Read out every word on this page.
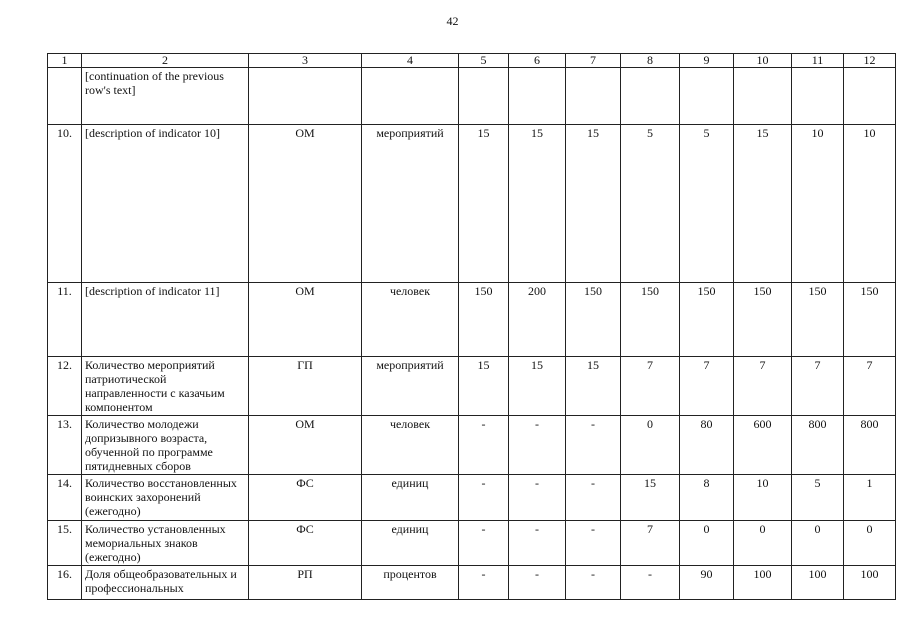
42
1	2	3	4	5	6	7	8	9	10	11	12
	[continuation of the previous row's text]										
10.	[description of indicator 10]	ОМ	мероприятий	15	15	15	5	5	15	10	10
11.	[description of indicator 11]	ОМ	человек	150	200	150	150	150	150	150	150
12.	Количество мероприятий патриотической направленности с казачьим компонентом	ГП	мероприятий	15	15	15	7	7	7	7	7
13.	Количество молодежи допризывного возраста, обученной по программе пятидневных сборов	ОМ	человек	-	-	-	0	80	600	800	800
14.	Количество восстановленных воинских захоронений (ежегодно)	ФС	единиц	-	-	-	15	8	10	5	1
15.	Количество установленных мемориальных знаков (ежегодно)	ФС	единиц	-	-	-	7	0	0	0	0
16.	Доля общеобразовательных и профессиональных	РП	процентов	-	-	-	-	90	100	100	100
